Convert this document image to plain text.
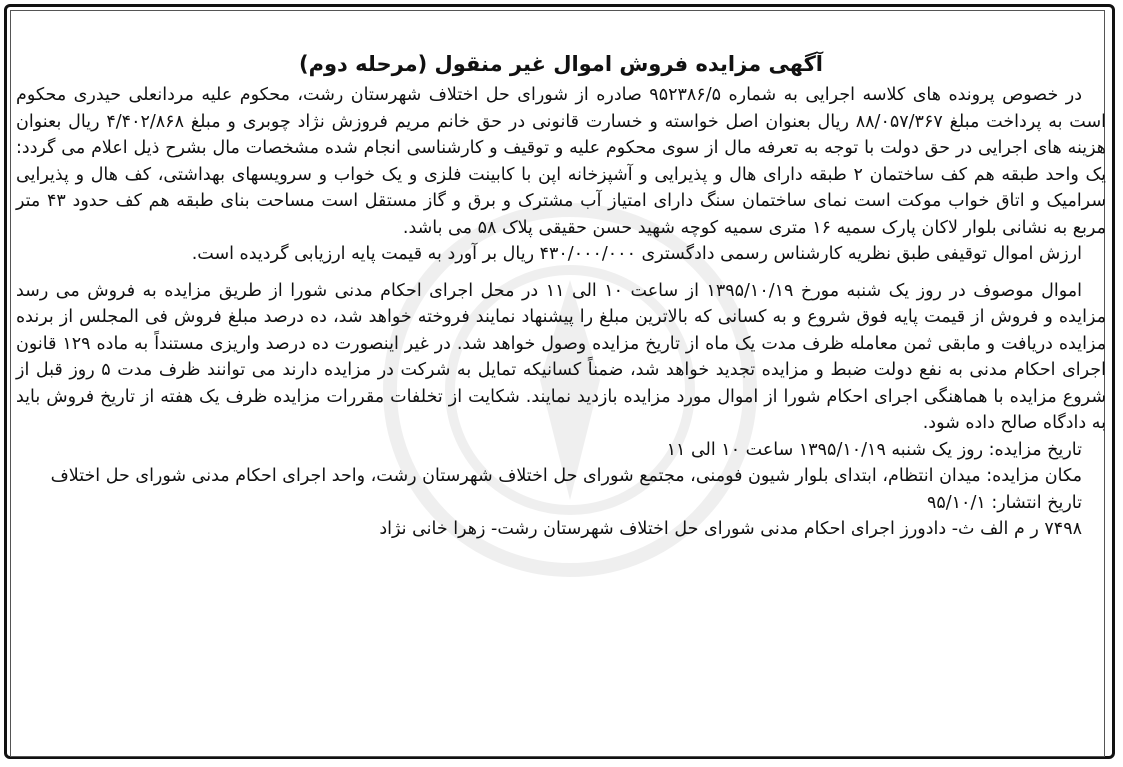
آگهی مزایده فروش اموال غیر منقول (مرحله دوم)

در خصوص پرونده های کلاسه اجرایی به شماره ۹۵۲۳۸۶/۵ صادره از شورای حل اختلاف شهرستان رشت، محکوم علیه مردانعلی حیدری محکوم است به پرداخت مبلغ ۸۸/۰۵۷/۳۶۷ ریال بعنوان اصل خواسته و خسارت قانونی در حق خانم مریم فروزش نژاد چوبری و مبلغ ۴/۴۰۲/۸۶۸ ریال بعنوان هزینه های اجرایی در حق دولت با توجه به تعرفه مال از سوی محکوم علیه و توقیف و کارشناسی انجام شده مشخصات مال بشرح ذیل اعلام می گردد: یک واحد طبقه هم کف ساختمان ۲ طبقه دارای هال و پذیرایی و آشپزخانه اپن با کابینت فلزی و یک خواب و سرویسهای بهداشتی، کف هال و پذیرایی سرامیک و اتاق خواب موکت است نمای ساختمان سنگ دارای امتیاز آب مشترک و برق و گاز مستقل است مساحت بنای طبقه هم کف حدود ۴۳ متر مربع به نشانی بلوار لاکان پارک سمیه ۱۶ متری سمیه کوچه شهید حسن حقیقی پلاک ۵۸ می باشد.

ارزش اموال توقیفی طبق نظریه کارشناس رسمی دادگستری ۴۳۰/۰۰۰/۰۰۰ ریال بر آورد به قیمت پایه ارزیابی گردیده است.

اموال موصوف در روز یک شنبه مورخ ۱۳۹۵/۱۰/۱۹ از ساعت ۱۰ الی ۱۱ در محل اجرای احکام مدنی شورا از طریق مزایده به فروش می رسد مزایده و فروش از قیمت پایه فوق شروع و به کسانی که بالاترین مبلغ را پیشنهاد نمایند فروخته خواهد شد، ده درصد مبلغ فروش فی المجلس از برنده مزایده دریافت و مابقی ثمن معامله ظرف مدت یک ماه از تاریخ مزایده وصول خواهد شد. در غیر اینصورت ده درصد واریزی مستنداً به ماده ۱۲۹ قانون اجرای احکام مدنی به نفع دولت ضبط و مزایده تجدید خواهد شد، ضمناً کسانیکه تمایل به شرکت در مزایده دارند می توانند ظرف مدت ۵ روز قبل از شروع مزایده با هماهنگی اجرای احکام شورا از اموال مورد مزایده بازدید نمایند. شکایت از تخلفات مقررات مزایده ظرف یک هفته از تاریخ فروش باید به دادگاه صالح داده شود.

تاریخ مزایده: روز یک شنبه ۱۳۹۵/۱۰/۱۹ ساعت ۱۰ الی ۱۱

مکان مزایده: میدان انتظام، ابتدای بلوار شیون فومنی، مجتمع شورای حل اختلاف شهرستان رشت، واحد اجرای احکام مدنی شورای حل اختلاف

تاریخ انتشار: ۹۵/۱۰/۱

۷۴۹۸ ر م الف ث- دادورز اجرای احکام مدنی شورای حل اختلاف شهرستان رشت- زهرا خانی نژاد
